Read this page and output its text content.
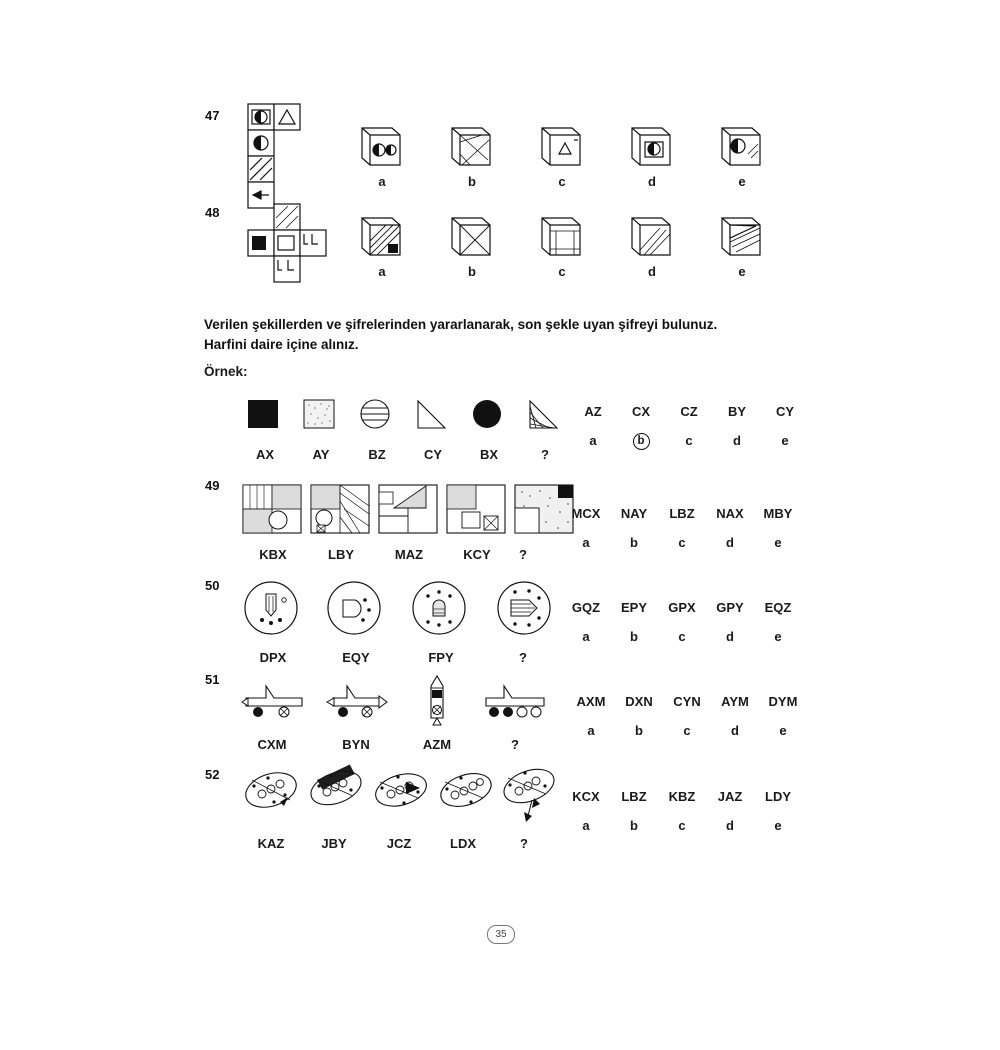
47
a	b	c	d	e
48
a	b	c	d	e
Verilen şekillerden ve şifrelerinden yararlanarak, son şekle uyan şifreyi bulunuz.
Harfini daire içine alınız.
Örnek:
AX	AY	BZ	CY	BX	?
AZ	CX	CZ	BY	CY
a	b	c	d	e
49
KBX	LBY	MAZ	KCY	?
MCX	NAY	LBZ	NAX	MBY
a	b	c	d	e
50
DPX	EQY	FPY	?
GQZ	EPY	GPX	GPY	EQZ
a	b	c	d	e
51
CXM	BYN	AZM	?
AXM	DXN	CYN	AYM	DYM
a	b	c	d	e
52
KAZ	JBY	JCZ	LDX	?
KCX	LBZ	KBZ	JAZ	LDY
a	b	c	d	e
35
